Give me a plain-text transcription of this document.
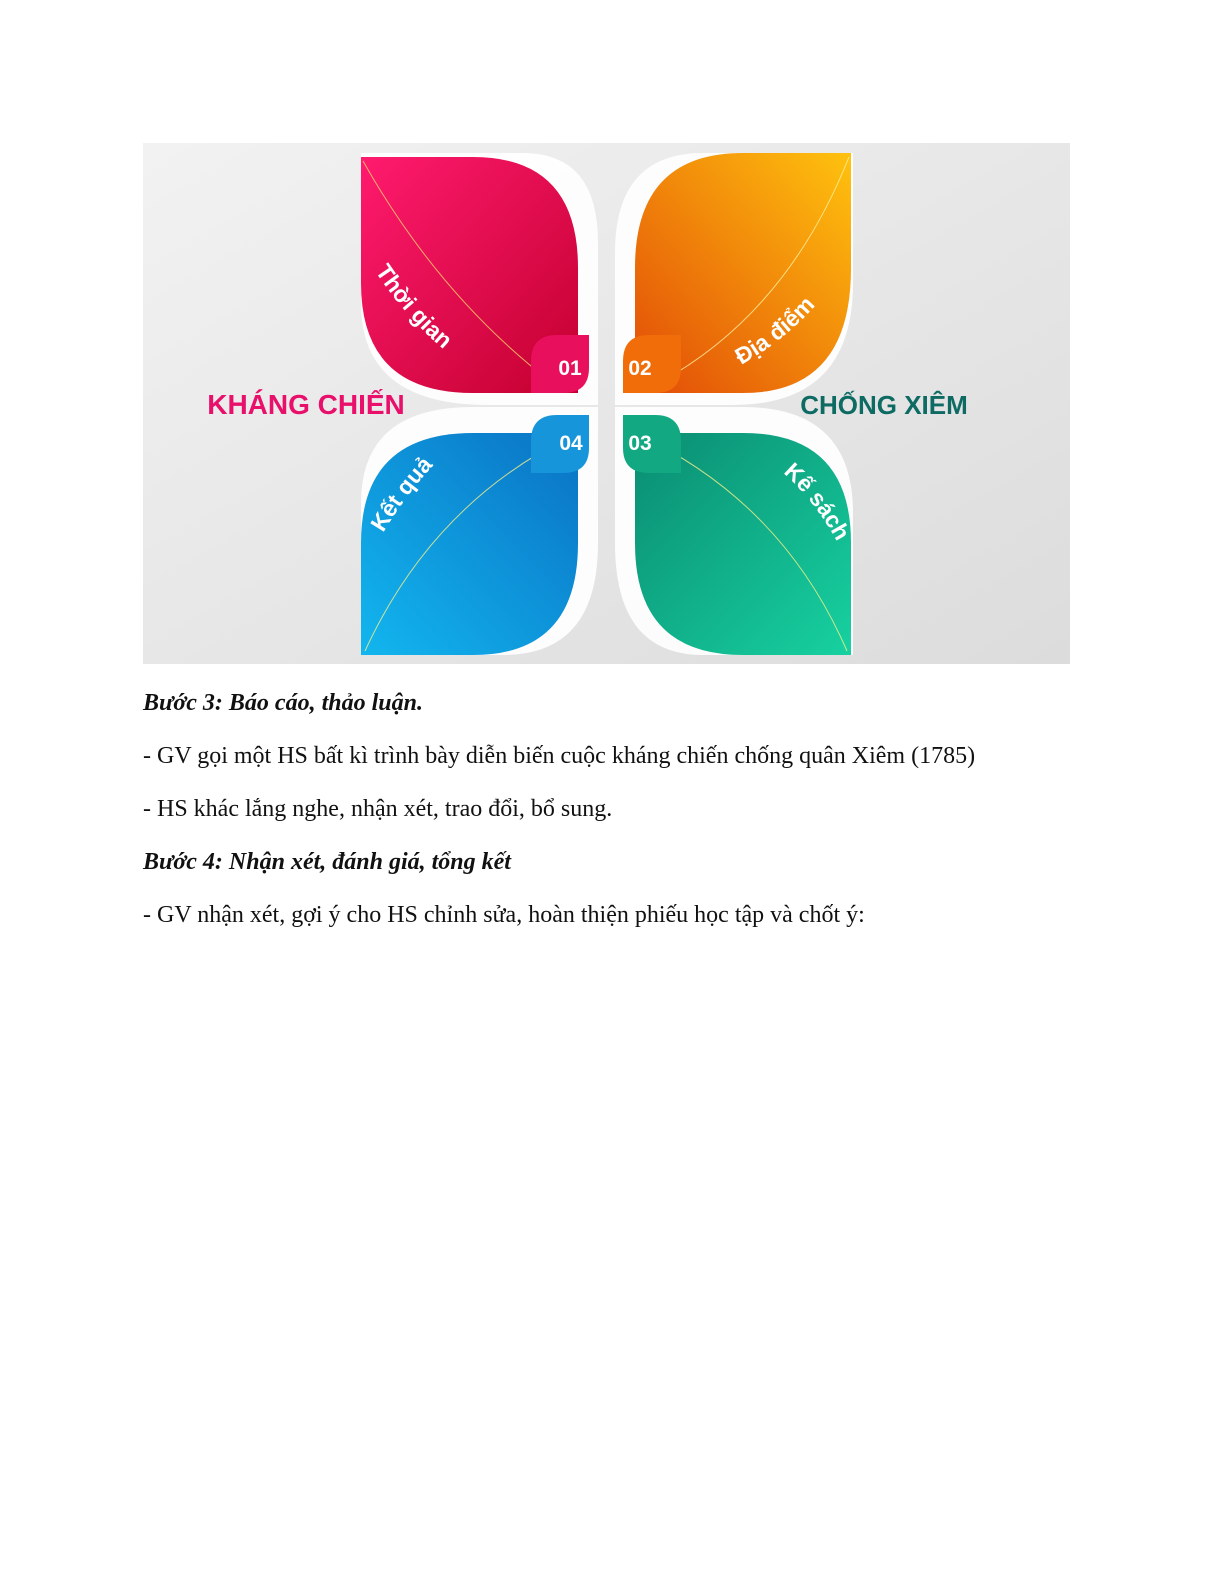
Thời gian	Địa điểm
Kết quả	Kế sách
01 02
04 03
KHÁNG CHIẾN	CHỐNG XIÊM

Bước 3: Báo cáo, thảo luận.

- GV gọi một HS bất kì trình bày diễn biến cuộc kháng chiến chống quân Xiêm (1785)

- HS khác lắng nghe, nhận xét, trao đổi, bổ sung.

Bước 4: Nhận xét, đánh giá, tổng kết

- GV nhận xét, gợi ý cho HS chỉnh sửa, hoàn thiện phiếu học tập và chốt ý:
